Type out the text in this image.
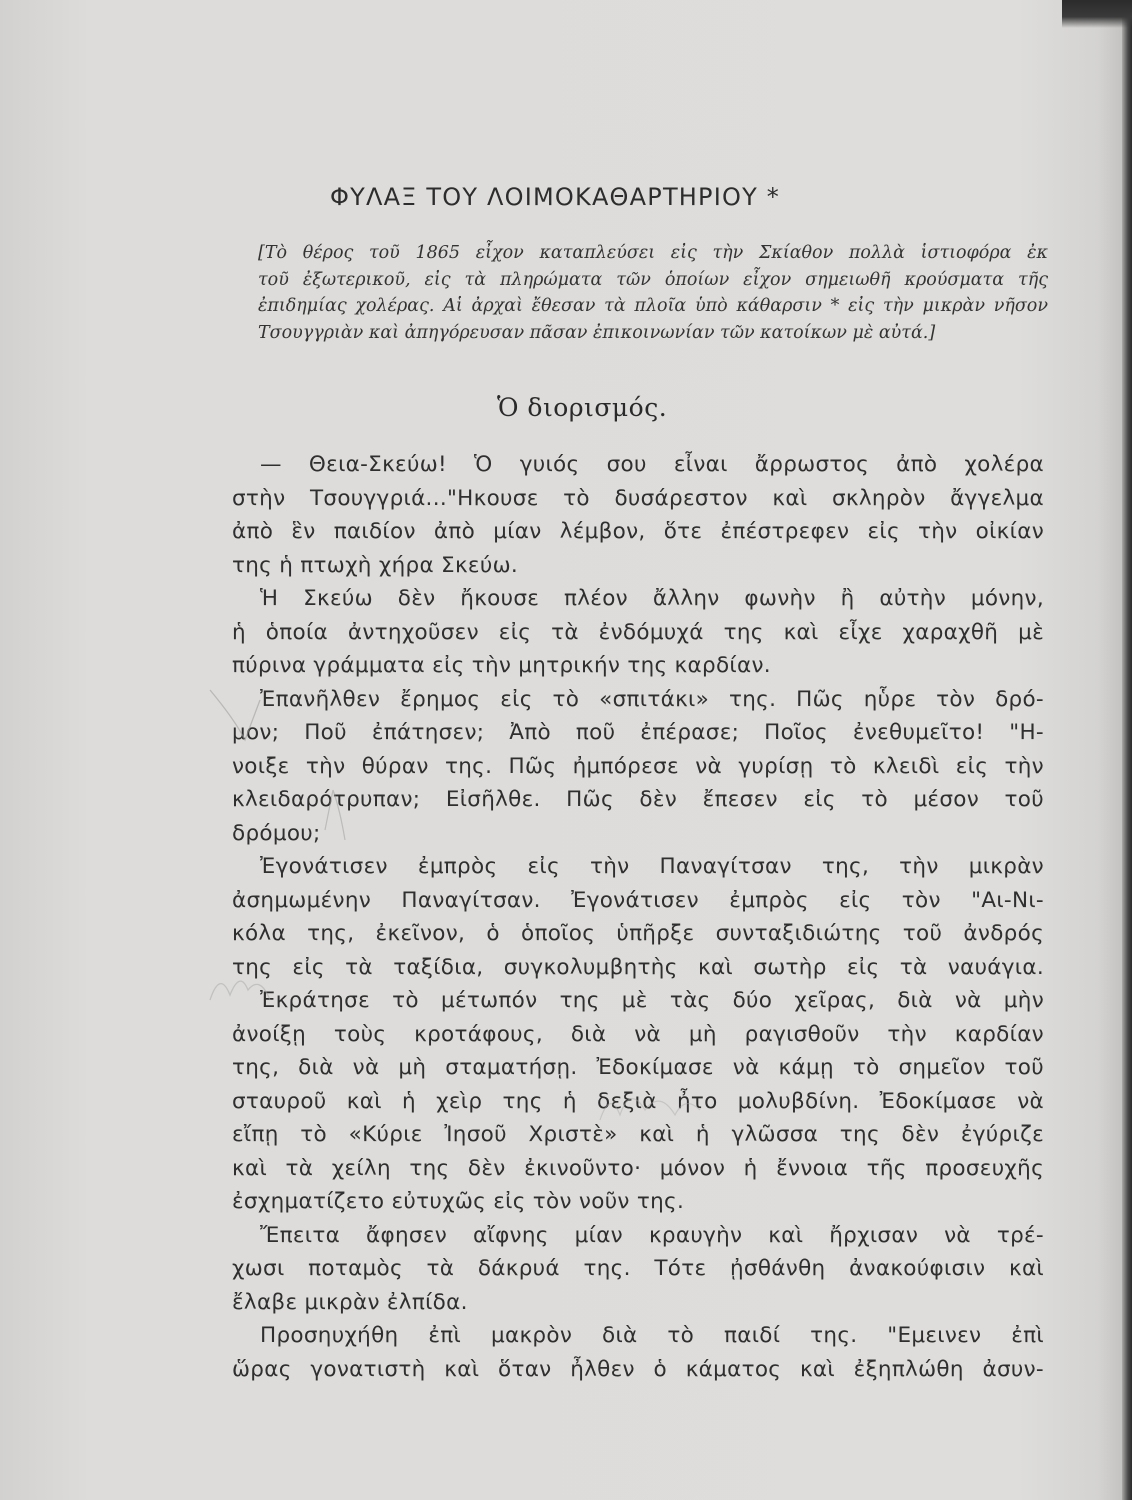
ΦΥΛΑΞ ΤΟΥ ΛΟΙΜΟΚΑΘΑΡΤΗΡΙΟΥ *
[Τὸ θέρος τοῦ 1865 εἶχον καταπλεύσει εἰς τὴν Σκίαθον πολλὰ ἱστιοφόρα ἐκ
τοῦ ἐξωτερικοῦ, εἰς τὰ πληρώματα τῶν ὁποίων εἶχον σημειωθῆ κρούσματα τῆς
ἐπιδημίας χολέρας. Αἱ ἀρχαὶ ἔθεσαν τὰ πλοῖα ὑπὸ κάθαρσιν * εἰς τὴν μικρὰν νῆσον
Τσουγγριὰν καὶ ἀπηγόρευσαν πᾶσαν ἐπικοινωνίαν τῶν κατοίκων μὲ αὐτά.]
Ὁ διορισμός.
— Θεια-Σκεύω! Ὁ γυιός σου εἶναι ἄρρωστος ἀπὸ χολέρα
στὴν Τσουγγριά..."Ηκουσε τὸ δυσάρεστον καὶ σκληρὸν ἄγγελμα
ἀπὸ ἓν παιδίον ἀπὸ μίαν λέμβον, ὅτε ἐπέστρεφεν εἰς τὴν οἰκίαν
της ἡ πτωχὴ χήρα Σκεύω.
Ἡ Σκεύω δὲν ἤκουσε πλέον ἄλλην φωνὴν ἢ αὐτὴν μόνην,
ἡ ὁποία ἀντηχοῦσεν εἰς τὰ ἐνδόμυχά της καὶ εἶχε χαραχθῆ μὲ
πύρινα γράμματα εἰς τὴν μητρικήν της καρδίαν.
Ἐπανῆλθεν ἔρημος εἰς τὸ «σπιτάκι» της. Πῶς ηὗρε τὸν δρό-
μον; Ποῦ ἐπάτησεν; Ἀπὸ ποῦ ἐπέρασε; Ποῖος ἐνεθυμεῖτο! "Η-
νοιξε τὴν θύραν της. Πῶς ἠμπόρεσε νὰ γυρίσῃ τὸ κλειδὶ εἰς τὴν
κλειδαρότρυπαν; Εἰσῆλθε. Πῶς δὲν ἔπεσεν εἰς τὸ μέσον τοῦ
δρόμου;
Ἐγονάτισεν ἐμπρὸς εἰς τὴν Παναγίτσαν της, τὴν μικρὰν
ἀσημωμένην Παναγίτσαν. Ἐγονάτισεν ἐμπρὸς εἰς τὸν "Αι-Νι-
κόλα της, ἐκεῖνον, ὁ ὁποῖος ὑπῆρξε συνταξιδιώτης τοῦ ἀνδρός
της εἰς τὰ ταξίδια, συγκολυμβητὴς καὶ σωτὴρ εἰς τὰ ναυάγια.
Ἐκράτησε τὸ μέτωπόν της μὲ τὰς δύο χεῖρας, διὰ νὰ μὴν
ἀνοίξῃ τοὺς κροτάφους, διὰ νὰ μὴ ραγισθοῦν τὴν καρδίαν
της, διὰ νὰ μὴ σταματήσῃ. Ἐδοκίμασε νὰ κάμῃ τὸ σημεῖον τοῦ
σταυροῦ καὶ ἡ χεὶρ της ἡ δεξιὰ ἦτο μολυβδίνη. Ἐδοκίμασε νὰ
εἴπῃ τὸ «Κύριε Ἰησοῦ Χριστὲ» καὶ ἡ γλῶσσα της δὲν ἐγύριζε
καὶ τὰ χείλη της δὲν ἐκινοῦντο· μόνον ἡ ἔννοια τῆς προσευχῆς
ἐσχηματίζετο εὐτυχῶς εἰς τὸν νοῦν της.
Ἔπειτα ἄφησεν αἴφνης μίαν κραυγὴν καὶ ἤρχισαν νὰ τρέ-
χωσι ποταμὸς τὰ δάκρυά της. Τότε ᾐσθάνθη ἀνακούφισιν καὶ
ἔλαβε μικρὰν ἐλπίδα.
Προσηυχήθη ἐπὶ μακρὸν διὰ τὸ παιδί της. "Εμεινεν ἐπὶ
ὥρας γονατιστὴ καὶ ὅταν ἦλθεν ὁ κάματος καὶ ἐξηπλώθη ἀσυν-
